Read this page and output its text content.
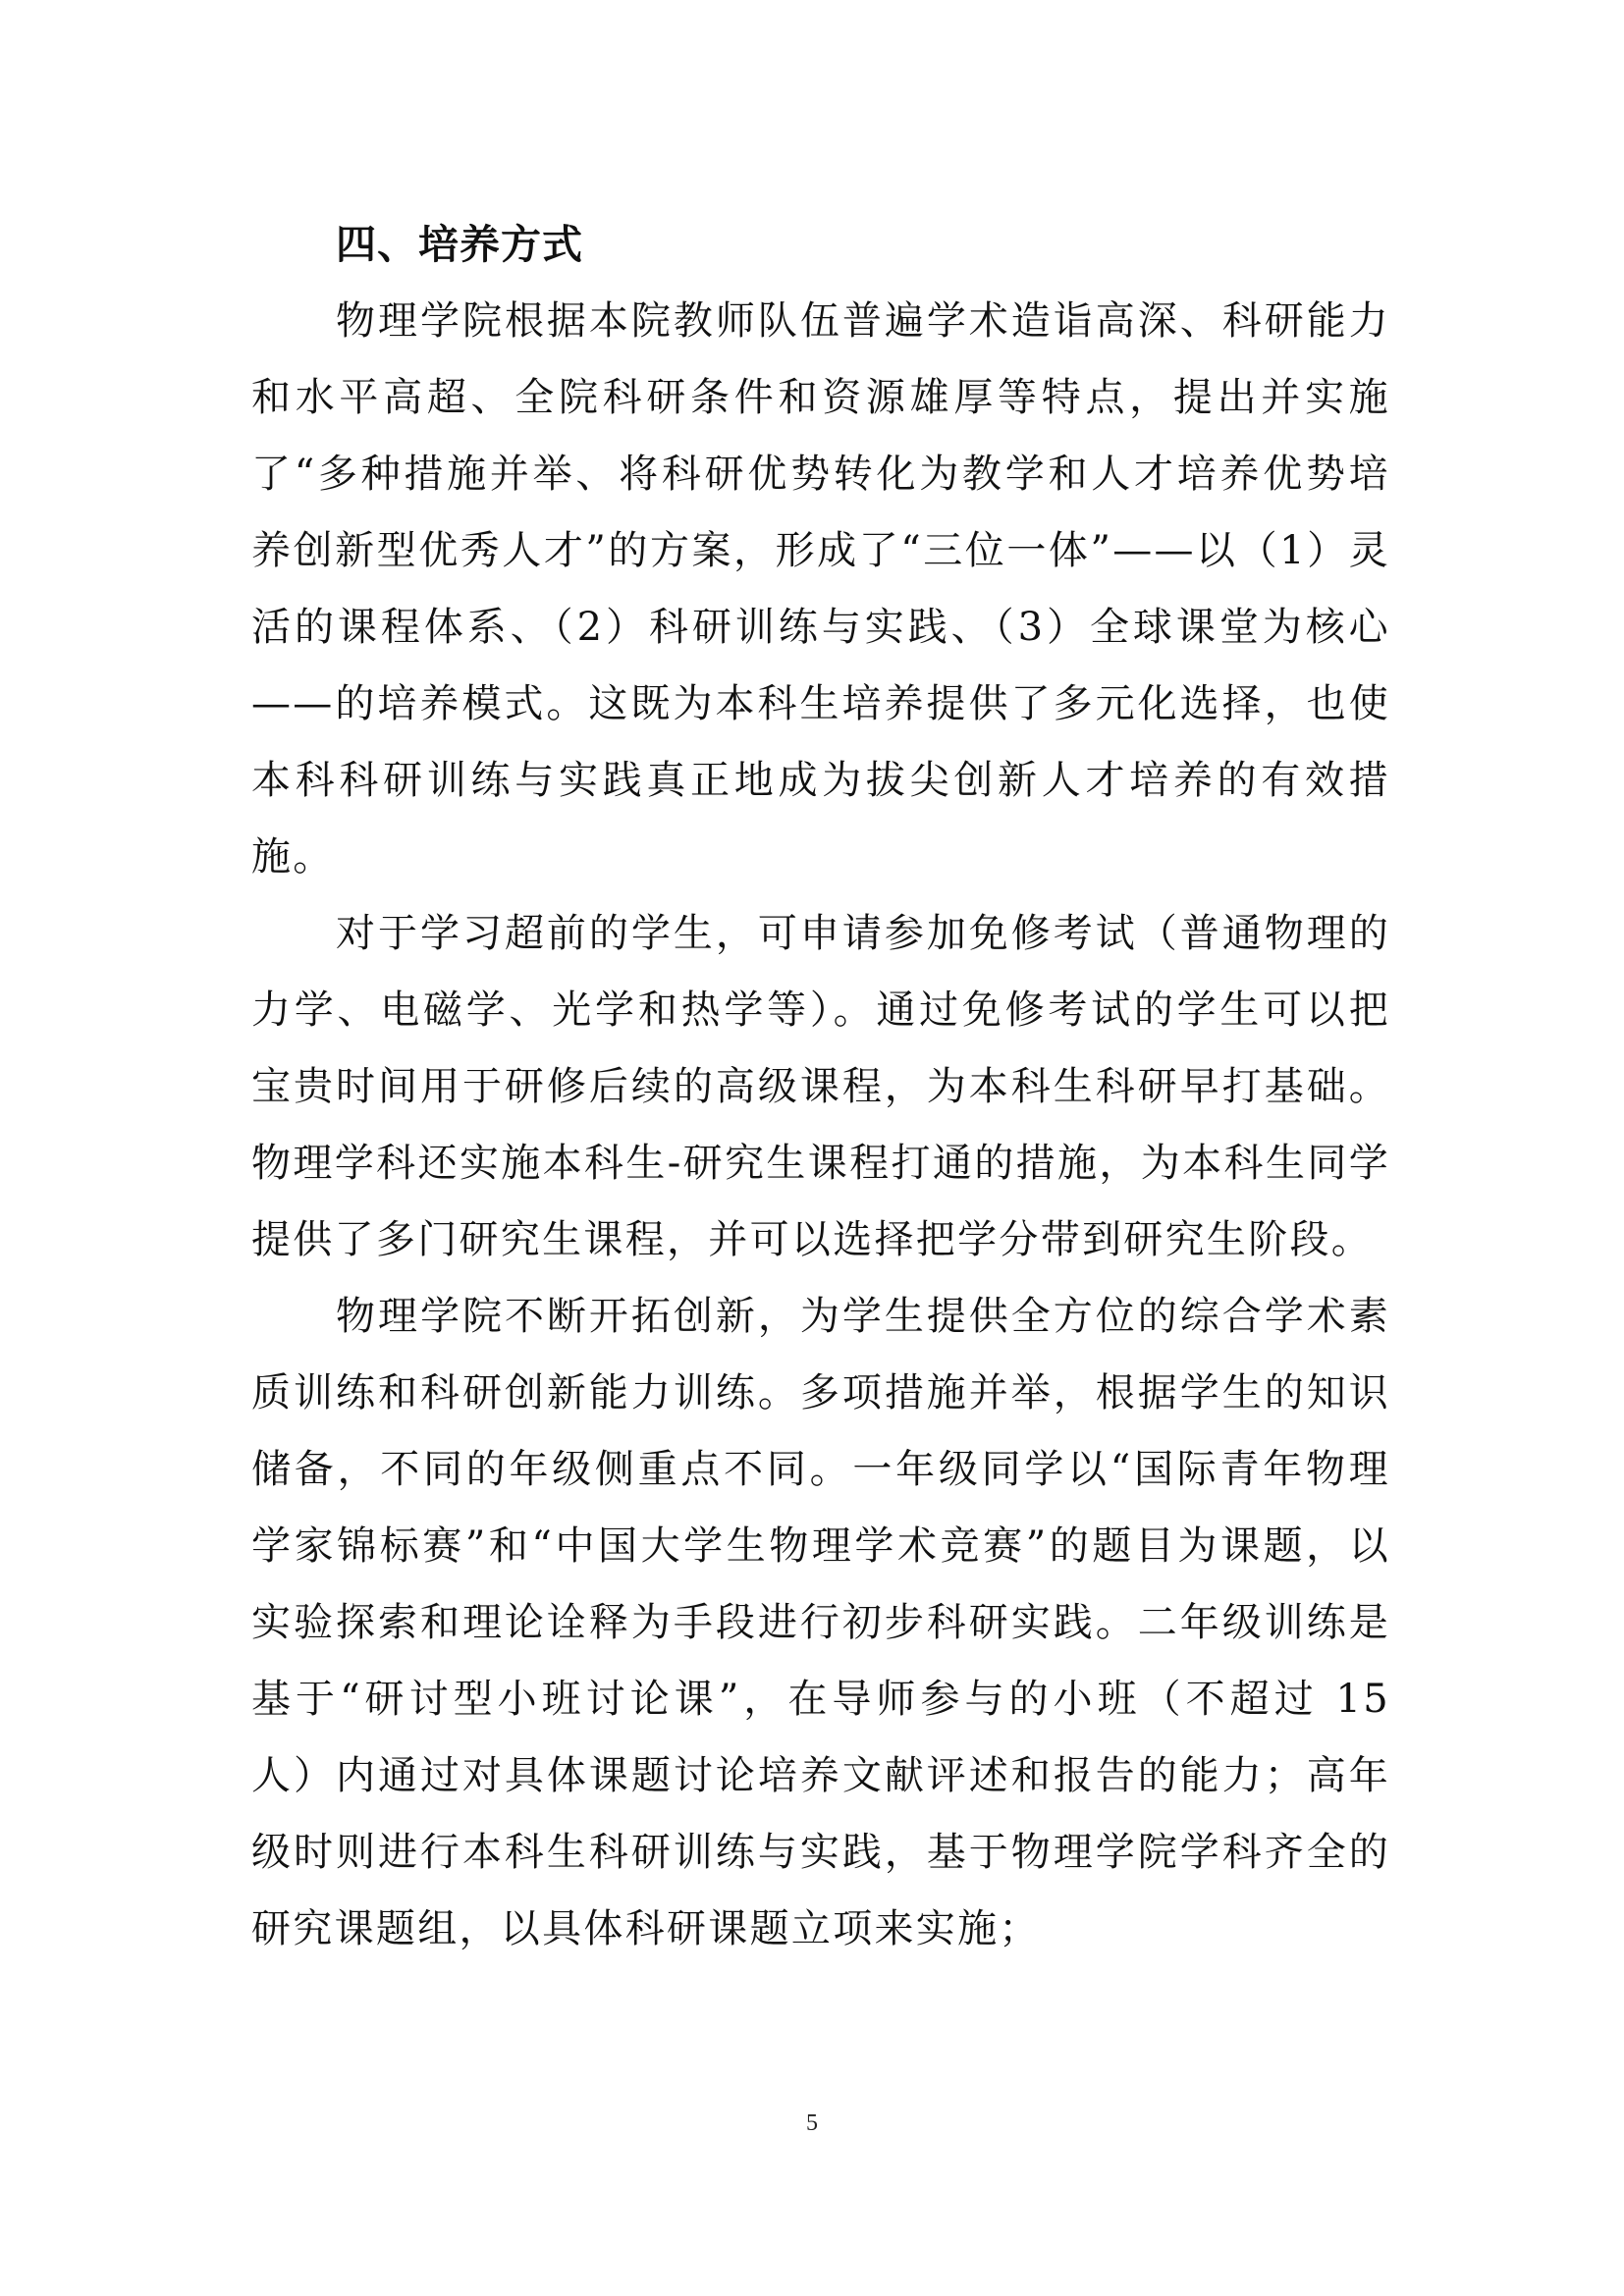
四、培养方式

物理学院根据本院教师队伍普遍学术造诣高深、科研能力和水平高超、全院科研条件和资源雄厚等特点，提出并实施了“多种措施并举、将科研优势转化为教学和人才培养优势培养创新型优秀人才”的方案，形成了“三位一体”——以（1）灵活的课程体系、（2）科研训练与实践、（3）全球课堂为核心——的培养模式。这既为本科生培养提供了多元化选择，也使本科科研训练与实践真正地成为拔尖创新人才培养的有效措施。

对于学习超前的学生，可申请参加免修考试（普通物理的力学、电磁学、光学和热学等）。通过免修考试的学生可以把宝贵时间用于研修后续的高级课程，为本科生科研早打基础。物理学科还实施本科生-研究生课程打通的措施，为本科生同学提供了多门研究生课程，并可以选择把学分带到研究生阶段。

物理学院不断开拓创新，为学生提供全方位的综合学术素质训练和科研创新能力训练。多项措施并举，根据学生的知识储备，不同的年级侧重点不同。一年级同学以“国际青年物理学家锦标赛”和“中国大学生物理学术竞赛”的题目为课题，以实验探索和理论诠释为手段进行初步科研实践。二年级训练是基于“研讨型小班讨论课”，在导师参与的小班（不超过 15 人）内通过对具体课题讨论培养文献评述和报告的能力；高年级时则进行本科生科研训练与实践，基于物理学院学科齐全的研究课题组，以具体科研课题立项来实施；

5
